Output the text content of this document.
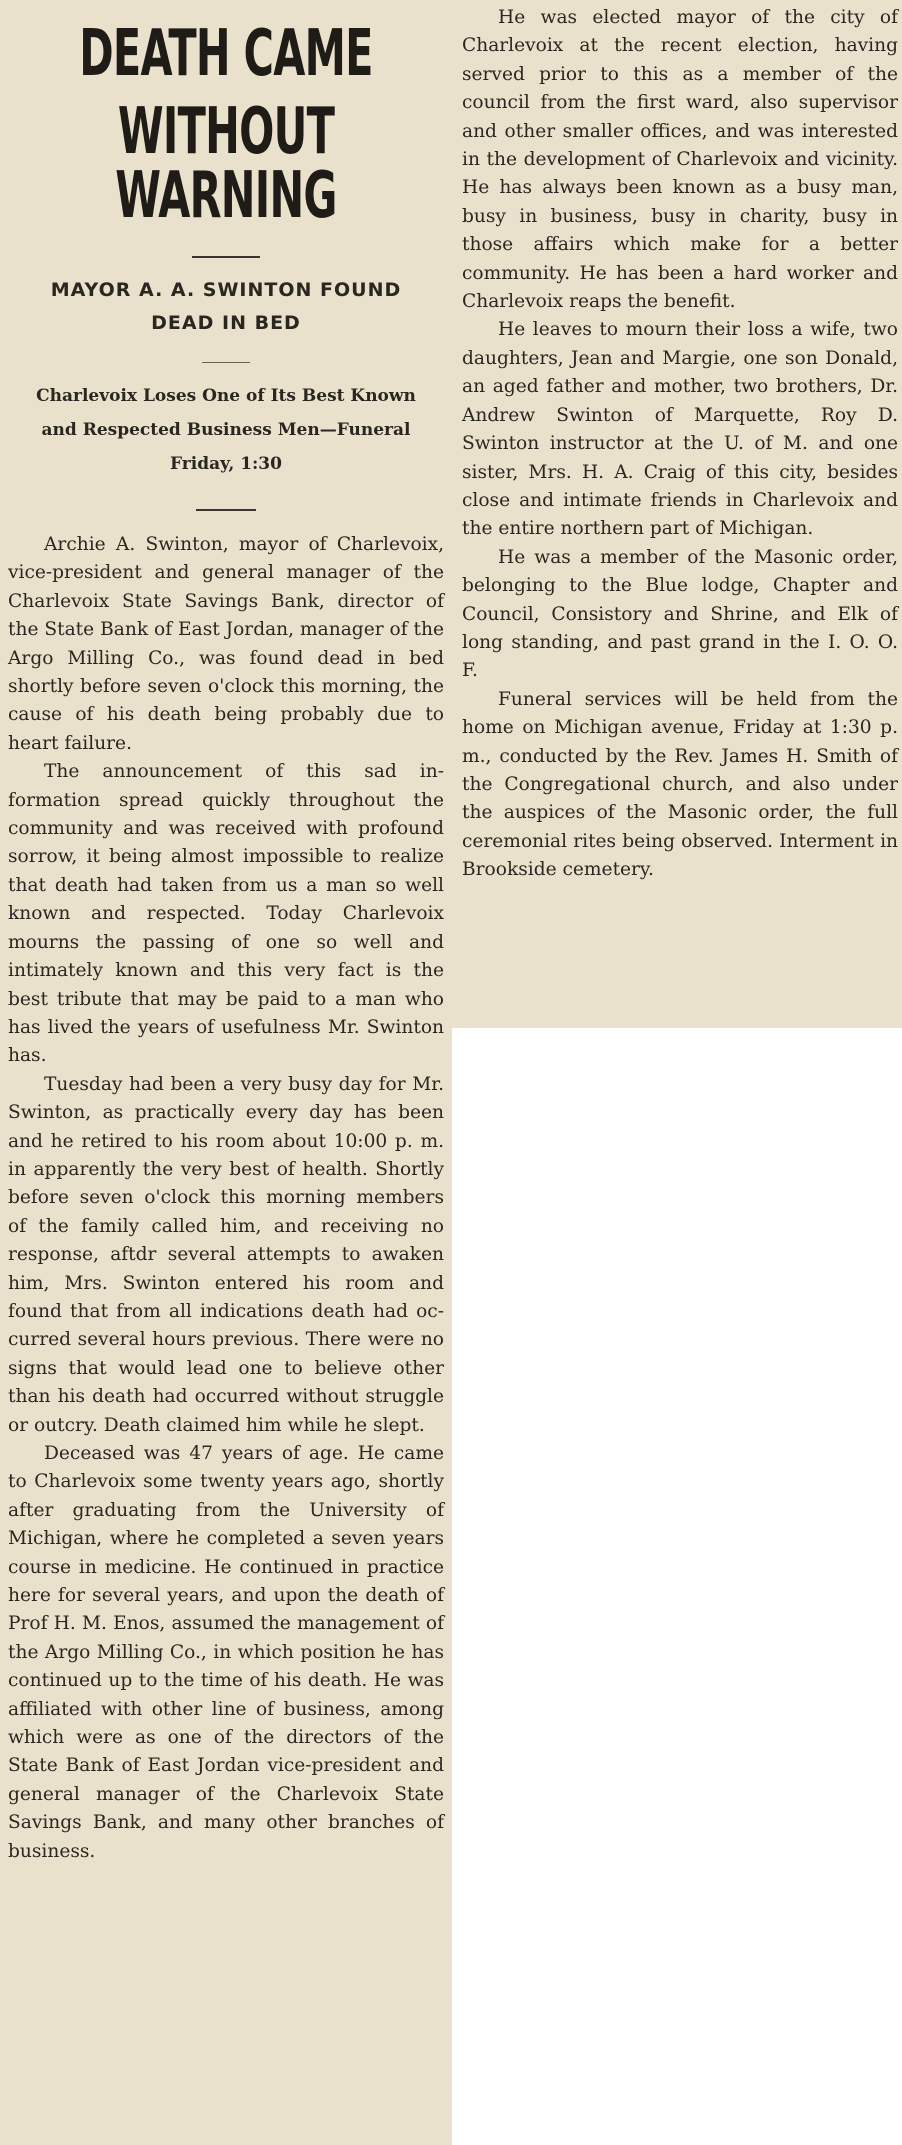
DEATH CAME
WITHOUT WARNING
MAYOR A. A. SWINTON FOUND
DEAD IN BED
Charlevoix Loses One of Its Best Known and Respected Business Men—Funeral Friday, 1:30

Archie A. Swinton, mayor of Charlevoix, vice-president and general manager of the Charlevoix State Savings Bank, director of the State Bank of East Jordan, manager of the Argo Milling Co., was found dead in bed shortly before seven o'clock this morning, the cause of his death being probably due to heart failure.

The announcement of this sad information spread quickly throughout the community and was received with profound sorrow, it being almost impossible to realize that death had taken from us a man so well known and respected. Today Charlevoix mourns the passing of one so well and intimately known and this very fact is the best tribute that may be paid to a man who has lived the years of usefulness Mr. Swinton has.

Tuesday had been a very busy day for Mr. Swinton, as practically every day has been and he retired to his room about 10:00 p. m. in apparently the very best of health. Shortly before seven o'clock this morning members of the family called him, and receiving no response, aftdr several attempts to awaken him, Mrs. Swinton entered his room and found that from all indications death had occurred several hours previous. There were no signs that would lead one to believe other than his death had occurred without struggle or outcry. Death claimed him while he slept.

Deceased was 47 years of age. He came to Charlevoix some twenty years ago, shortly after graduating from the University of Michigan, where he completed a seven years course in medicine. He continued in practice here for several years, and upon the death of Prof H. M. Enos, assumed the management of the Argo Milling Co., in which position he has continued up to the time of his death. He was affiliated with other line of business, among which were as one of the directors of the State Bank of East Jordan vice-president and general manager of the Charlevoix State Savings Bank, and many other branches of business.

He was elected mayor of the city of Charlevoix at the recent election, having served prior to this as a member of the council from the first ward, also supervisor and other smaller offices, and was interested in the development of Charlevoix and vicinity. He has always been known as a busy man, busy in business, busy in charity, busy in those affairs which make for a better community. He has been a hard worker and Charlevoix reaps the benefit.

He leaves to mourn their loss a wife, two daughters, Jean and Margie, one son Donald, an aged father and mother, two brothers, Dr. Andrew Swinton of Marquette, Roy D. Swinton instructor at the U. of M. and one sister, Mrs. H. A. Craig of this city, besides close and intimate friends in Charlevoix and the entire northern part of Michigan.

He was a member of the Masonic order, belonging to the Blue lodge, Chapter and Council, Consistory and Shrine, and Elk of long standing, and past grand in the I. O. O. F.

Funeral services will be held from the home on Michigan avenue, Friday at 1:30 p. m., conducted by the Rev. James H. Smith of the Congregational church, and also under the auspices of the Masonic order, the full ceremonial rites being observed. Interment in Brookside cemetery.
